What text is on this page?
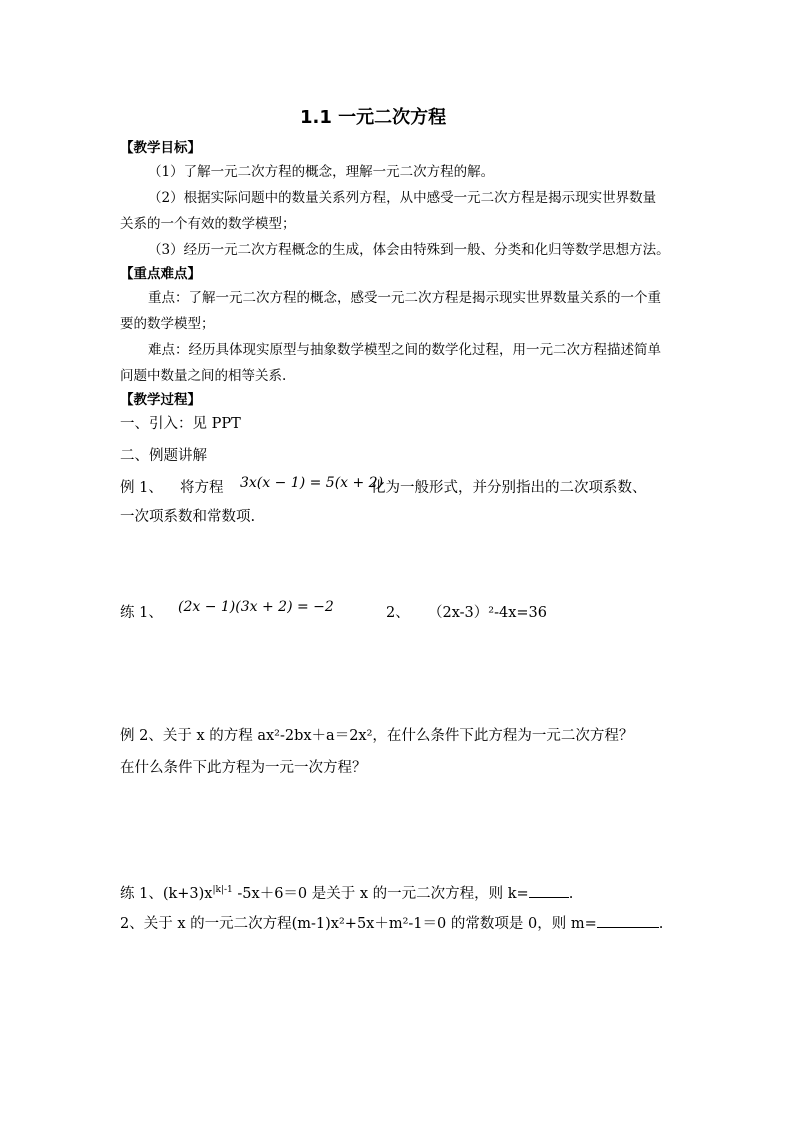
1.1 一元二次方程
【教学目标】
（1）了解一元二次方程的概念，理解一元二次方程的解。
（2）根据实际问题中的数量关系列方程，从中感受一元二次方程是揭示现实世界数量
关系的一个有效的数学模型；
（3）经历一元二次方程概念的生成，体会由特殊到一般、分类和化归等数学思想方法。
【重点难点】
重点：了解一元二次方程的概念，感受一元二次方程是揭示现实世界数量关系的一个重
要的数学模型；
难点：经历具体现实原型与抽象数学模型之间的数学化过程，用一元二次方程描述简单
问题中数量之间的相等关系.
【教学过程】
一、引入：见 PPT
二、例题讲解
例 1、 将方程 3x(x − 1) = 5(x + 2)
化为一般形式，并分别指出的二次项系数、
一次项系数和常数项.
练 1、 (2x − 1)(3x + 2) = −2	2、 （2x-3）²-4x=36
例 2、关于 x 的方程 ax²-2bx＋a＝2x²，在什么条件下此方程为一元二次方程？
在什么条件下此方程为一元一次方程？
练 1、$(k+3)x^{|k|-1}$ -5x＋6＝0 是关于 x 的一元二次方程，则 k=	.
2、关于 x 的一元二次方程(m-1)x²+5x＋m²-1＝0 的常数项是 0，则 m=	.
